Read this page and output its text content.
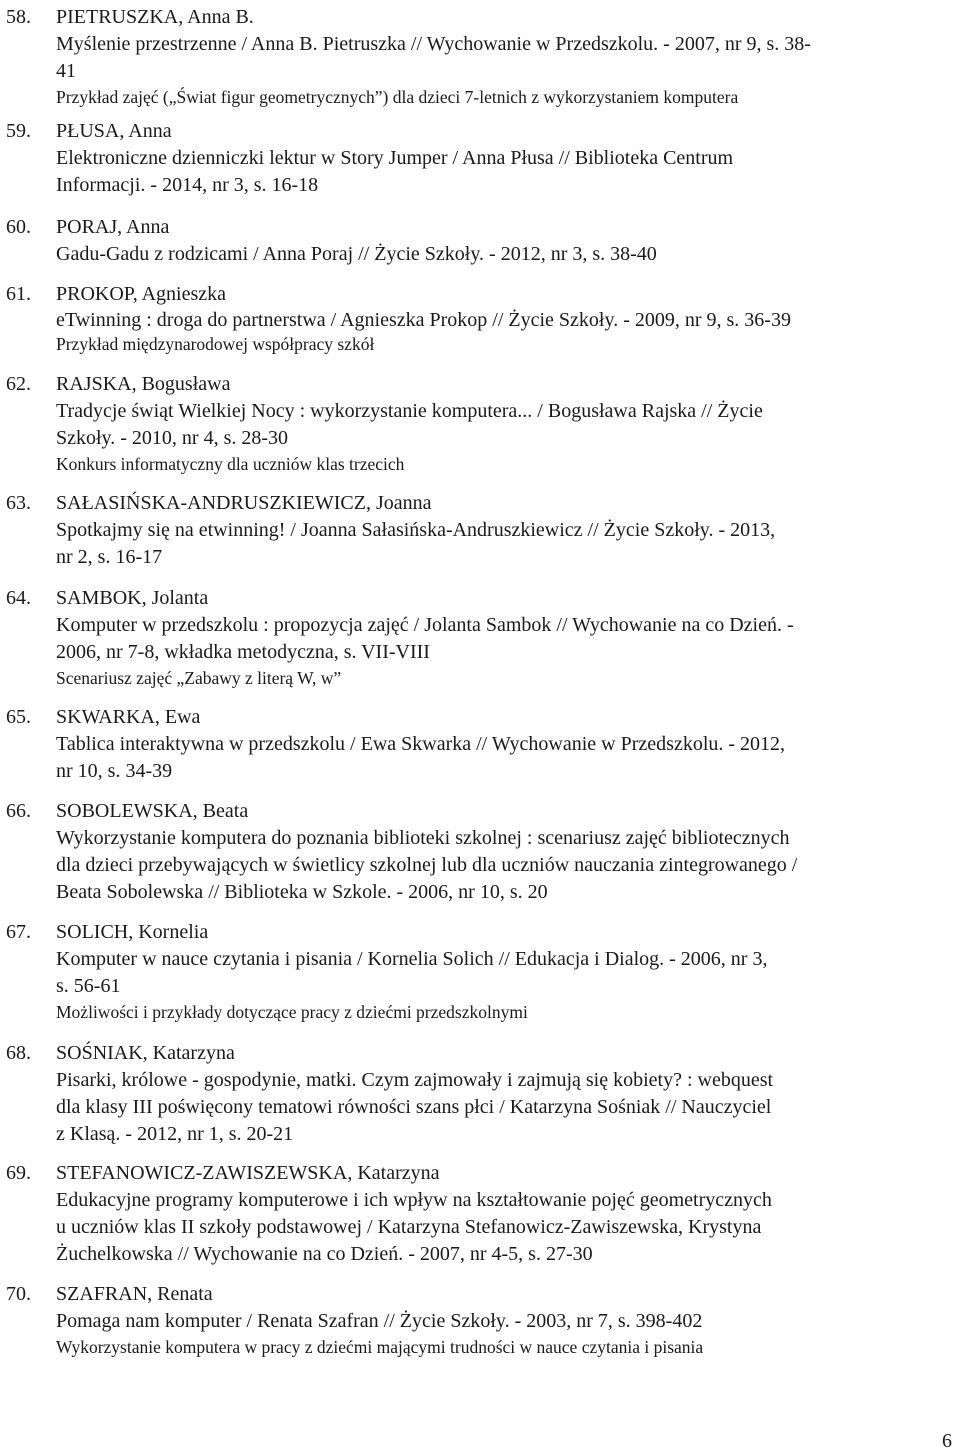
58. PIETRUSZKA, Anna B.
Myślenie przestrzenne / Anna B. Pietruszka // Wychowanie w Przedszkolu. - 2007, nr 9, s. 38-
41
Przykład zajęć („Świat figur geometrycznych”) dla dzieci 7-letnich z wykorzystaniem komputera
59. PŁUSA, Anna
Elektroniczne dzienniczki lektur w Story Jumper / Anna Płusa // Biblioteka Centrum
Informacji. - 2014, nr 3, s. 16-18
60. PORAJ, Anna
Gadu-Gadu z rodzicami / Anna Poraj // Życie Szkoły. - 2012, nr 3, s. 38-40
61. PROKOP, Agnieszka
eTwinning : droga do partnerstwa / Agnieszka Prokop // Życie Szkoły. - 2009, nr 9, s. 36-39
Przykład międzynarodowej współpracy szkół
62. RAJSKA, Bogusława
Tradycje świąt Wielkiej Nocy : wykorzystanie komputera... / Bogusława Rajska // Życie
Szkoły. - 2010, nr 4, s. 28-30
Konkurs informatyczny dla uczniów klas trzecich
63. SAŁASIŃSKA-ANDRUSZKIEWICZ, Joanna
Spotkajmy się na etwinning! / Joanna Sałasińska-Andruszkiewicz // Życie Szkoły. - 2013,
nr 2, s. 16-17
64. SAMBOK, Jolanta
Komputer w przedszkolu : propozycja zajęć / Jolanta Sambok // Wychowanie na co Dzień. -
2006, nr 7-8, wkładka metodyczna, s. VII-VIII
Scenariusz zajęć „Zabawy z literą W, w”
65. SKWARKA, Ewa
Tablica interaktywna w przedszkolu / Ewa Skwarka // Wychowanie w Przedszkolu. - 2012,
nr 10, s. 34-39
66. SOBOLEWSKA, Beata
Wykorzystanie komputera do poznania biblioteki szkolnej : scenariusz zajęć bibliotecznych
dla dzieci przebywających w świetlicy szkolnej lub dla uczniów nauczania zintegrowanego /
Beata Sobolewska // Biblioteka w Szkole. - 2006, nr 10, s. 20
67. SOLICH, Kornelia
Komputer w nauce czytania i pisania / Kornelia Solich // Edukacja i Dialog. - 2006, nr 3,
s. 56-61
Możliwości i przykłady dotyczące pracy z dziećmi przedszkolnymi
68. SOŚNIAK, Katarzyna
Pisarki, królowe - gospodynie, matki. Czym zajmowały i zajmują się kobiety? : webquest
dla klasy III poświęcony tematowi równości szans płci / Katarzyna Sośniak // Nauczyciel
z Klasą. - 2012, nr 1, s. 20-21
69. STEFANOWICZ-ZAWISZEWSKA, Katarzyna
Edukacyjne programy komputerowe i ich wpływ na kształtowanie pojęć geometrycznych
u uczniów klas II szkoły podstawowej / Katarzyna Stefanowicz-Zawiszewska, Krystyna
Żuchelkowska // Wychowanie na co Dzień. - 2007, nr 4-5, s. 27-30
70. SZAFRAN, Renata
Pomaga nam komputer / Renata Szafran // Życie Szkoły. - 2003, nr 7, s. 398-402
Wykorzystanie komputera w pracy z dziećmi mającymi trudności w nauce czytania i pisania
6
